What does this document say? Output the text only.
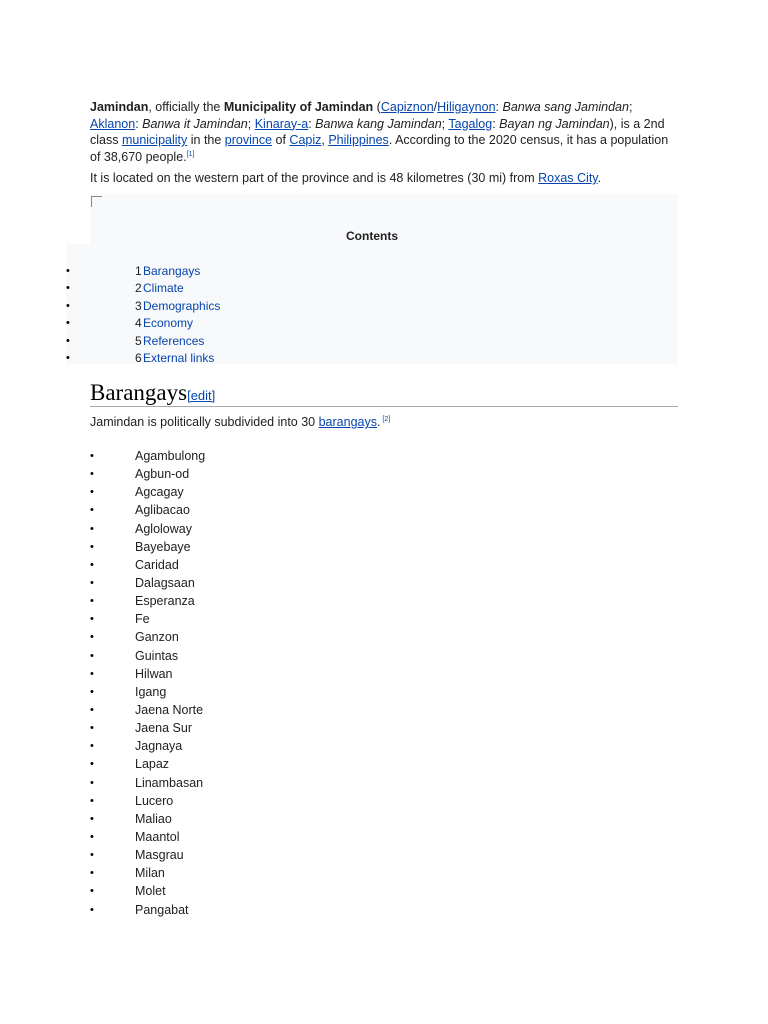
Jamindan, officially the Municipality of Jamindan (Capiznon/Hiligaynon: Banwa sang Jamindan; Aklanon: Banwa it Jamindan; Kinaray-a: Banwa kang Jamindan; Tagalog: Bayan ng Jamindan), is a 2nd class municipality in the province of Capiz, Philippines. According to the 2020 census, it has a population of 38,670 people.[1]
It is located on the western part of the province and is 48 kilometres (30 mi) from Roxas City.
Contents
•	1 Barangays
•	2 Climate
•	3 Demographics
•	4 Economy
•	5 References
•	6 External links
Barangays[edit]
Jamindan is politically subdivided into 30 barangays. [2]
•	Agambulong
•	Agbun-od
•	Agcagay
•	Aglibacao
•	Agloloway
•	Bayebaye
•	Caridad
•	Dalagsaan
•	Esperanza
•	Fe
•	Ganzon
•	Guintas
•	Hilwan
•	Igang
•	Jaena Norte
•	Jaena Sur
•	Jagnaya
•	Lapaz
•	Linambasan
•	Lucero
•	Maliao
•	Maantol
•	Masgrau
•	Milan
•	Molet
•	Pangabat
